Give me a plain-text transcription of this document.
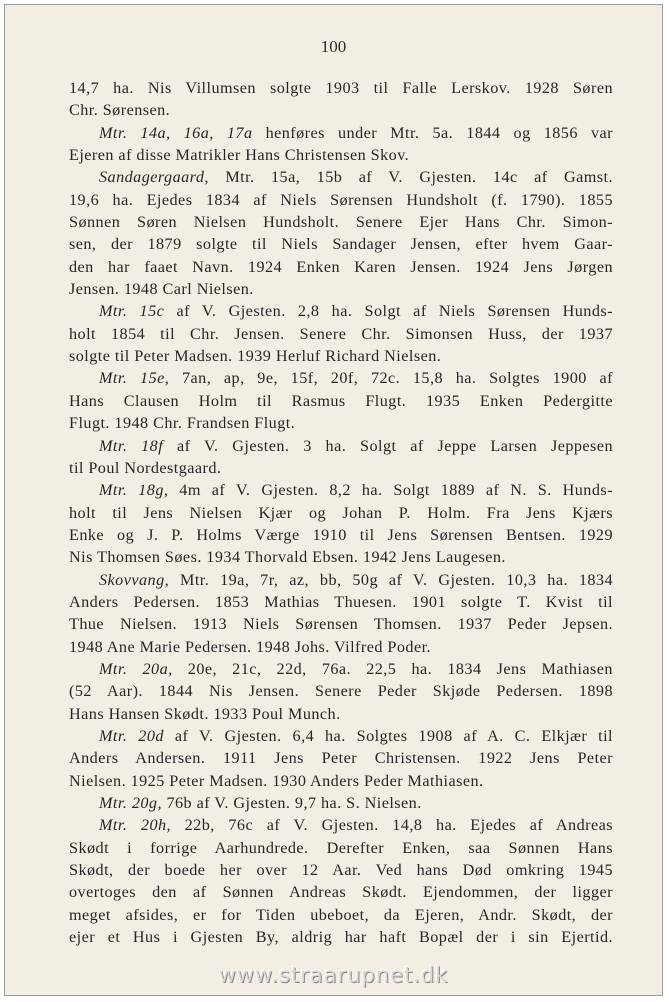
100
14,7 ha. Nis Villumsen solgte 1903 til Falle Lerskov. 1928 Søren
Chr. Sørensen.
Mtr. 14a, 16a, 17a henføres under Mtr. 5a. 1844 og 1856 var
Ejeren af disse Matrikler Hans Christensen Skov.
Sandagergaard, Mtr. 15a, 15b af V. Gjesten. 14c af Gamst.
19,6 ha. Ejedes 1834 af Niels Sørensen Hundsholt (f. 1790). 1855
Sønnen Søren Nielsen Hundsholt. Senere Ejer Hans Chr. Simon-
sen, der 1879 solgte til Niels Sandager Jensen, efter hvem Gaar-
den har faaet Navn. 1924 Enken Karen Jensen. 1924 Jens Jørgen
Jensen. 1948 Carl Nielsen.
Mtr. 15c af V. Gjesten. 2,8 ha. Solgt af Niels Sørensen Hunds-
holt 1854 til Chr. Jensen. Senere Chr. Simonsen Huss, der 1937
solgte til Peter Madsen. 1939 Herluf Richard Nielsen.
Mtr. 15e, 7an, ap, 9e, 15f, 20f, 72c. 15,8 ha. Solgtes 1900 af
Hans Clausen Holm til Rasmus Flugt. 1935 Enken Pedergitte
Flugt. 1948 Chr. Frandsen Flugt.
Mtr. 18f af V. Gjesten. 3 ha. Solgt af Jeppe Larsen Jeppesen
til Poul Nordestgaard.
Mtr. 18g, 4m af V. Gjesten. 8,2 ha. Solgt 1889 af N. S. Hunds-
holt til Jens Nielsen Kjær og Johan P. Holm. Fra Jens Kjærs
Enke og J. P. Holms Værge 1910 til Jens Sørensen Bentsen. 1929
Nis Thomsen Søes. 1934 Thorvald Ebsen. 1942 Jens Laugesen.
Skovvang, Mtr. 19a, 7r, az, bb, 50g af V. Gjesten. 10,3 ha. 1834
Anders Pedersen. 1853 Mathias Thuesen. 1901 solgte T. Kvist til
Thue Nielsen. 1913 Niels Sørensen Thomsen. 1937 Peder Jepsen.
1948 Ane Marie Pedersen. 1948 Johs. Vilfred Poder.
Mtr. 20a, 20e, 21c, 22d, 76a. 22,5 ha. 1834 Jens Mathiasen
(52 Aar). 1844 Nis Jensen. Senere Peder Skjøde Pedersen. 1898
Hans Hansen Skødt. 1933 Poul Munch.
Mtr. 20d af V. Gjesten. 6,4 ha. Solgtes 1908 af A. C. Elkjær til
Anders Andersen. 1911 Jens Peter Christensen. 1922 Jens Peter
Nielsen. 1925 Peter Madsen. 1930 Anders Peder Mathiasen.
Mtr. 20g, 76b af V. Gjesten. 9,7 ha. S. Nielsen.
Mtr. 20h, 22b, 76c af V. Gjesten. 14,8 ha. Ejedes af Andreas
Skødt i forrige Aarhundrede. Derefter Enken, saa Sønnen Hans
Skødt, der boede her over 12 Aar. Ved hans Død omkring 1945
overtoges den af Sønnen Andreas Skødt. Ejendommen, der ligger
meget afsides, er for Tiden ubeboet, da Ejeren, Andr. Skødt, der
ejer et Hus i Gjesten By, aldrig har haft Bopæl der i sin Ejertid.
www.straarupnet.dk
